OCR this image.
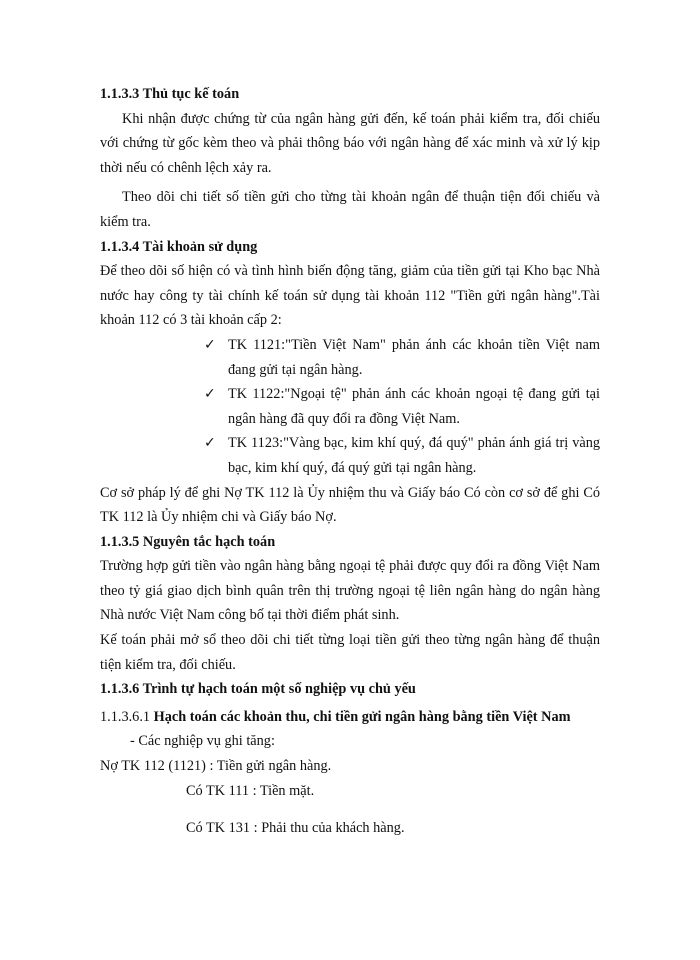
1.1.3.3 Thủ tục kế toán

Khi nhận được chứng từ của ngân hàng gửi đến, kế toán phải kiểm tra, đối chiếu với chứng từ gốc kèm theo và phải thông báo với ngân hàng để xác minh và xử lý kịp thời nếu có chênh lệch xảy ra.

Theo dõi chi tiết số tiền gửi cho từng tài khoản ngân để thuận tiện đối chiếu và kiểm tra.

1.1.3.4 Tài khoản sử dụng

Để theo dõi số hiện có và tình hình biến động tăng, giảm của tiền gửi tại Kho bạc Nhà nước hay công ty tài chính kế toán sử dụng tài khoản 112 "Tiền gửi ngân hàng".Tài khoản 112 có 3 tài khoản cấp 2:

✓ TK 1121:"Tiền Việt Nam" phản ánh các khoản tiền Việt nam đang gửi tại ngân hàng.
✓ TK 1122:"Ngoại tệ" phản ánh các khoản ngoại tệ đang gửi tại ngân hàng đã quy đổi ra đồng Việt Nam.
✓ TK 1123:"Vàng bạc, kim khí quý, đá quý" phản ánh giá trị vàng bạc, kim khí quý, đá quý gửi tại ngân hàng.

Cơ sở pháp lý để ghi Nợ TK 112 là Ủy nhiệm thu và Giấy báo Có còn cơ sở để ghi Có TK 112 là Ủy nhiệm chi và Giấy báo Nợ.

1.1.3.5 Nguyên tắc hạch toán

Trường hợp gửi tiền vào ngân hàng bằng ngoại tệ phải được quy đổi ra đồng Việt Nam theo tỷ giá giao dịch bình quân trên thị trường ngoại tệ liên ngân hàng do ngân hàng Nhà nước Việt Nam công bố tại thời điểm phát sinh.

Kế toán phải mở sổ theo dõi chi tiết từng loại tiền gửi theo từng ngân hàng để thuận tiện kiểm tra, đối chiếu.

1.1.3.6 Trình tự hạch toán một số nghiệp vụ chủ yếu

1.1.3.6.1 Hạch toán các khoản thu, chi tiền gửi ngân hàng bằng tiền Việt Nam

- Các nghiệp vụ ghi tăng:

Nợ TK 112 (1121) : Tiền gửi ngân hàng.

Có TK 111 : Tiền mặt.

Có TK 131 : Phải thu của khách hàng.
